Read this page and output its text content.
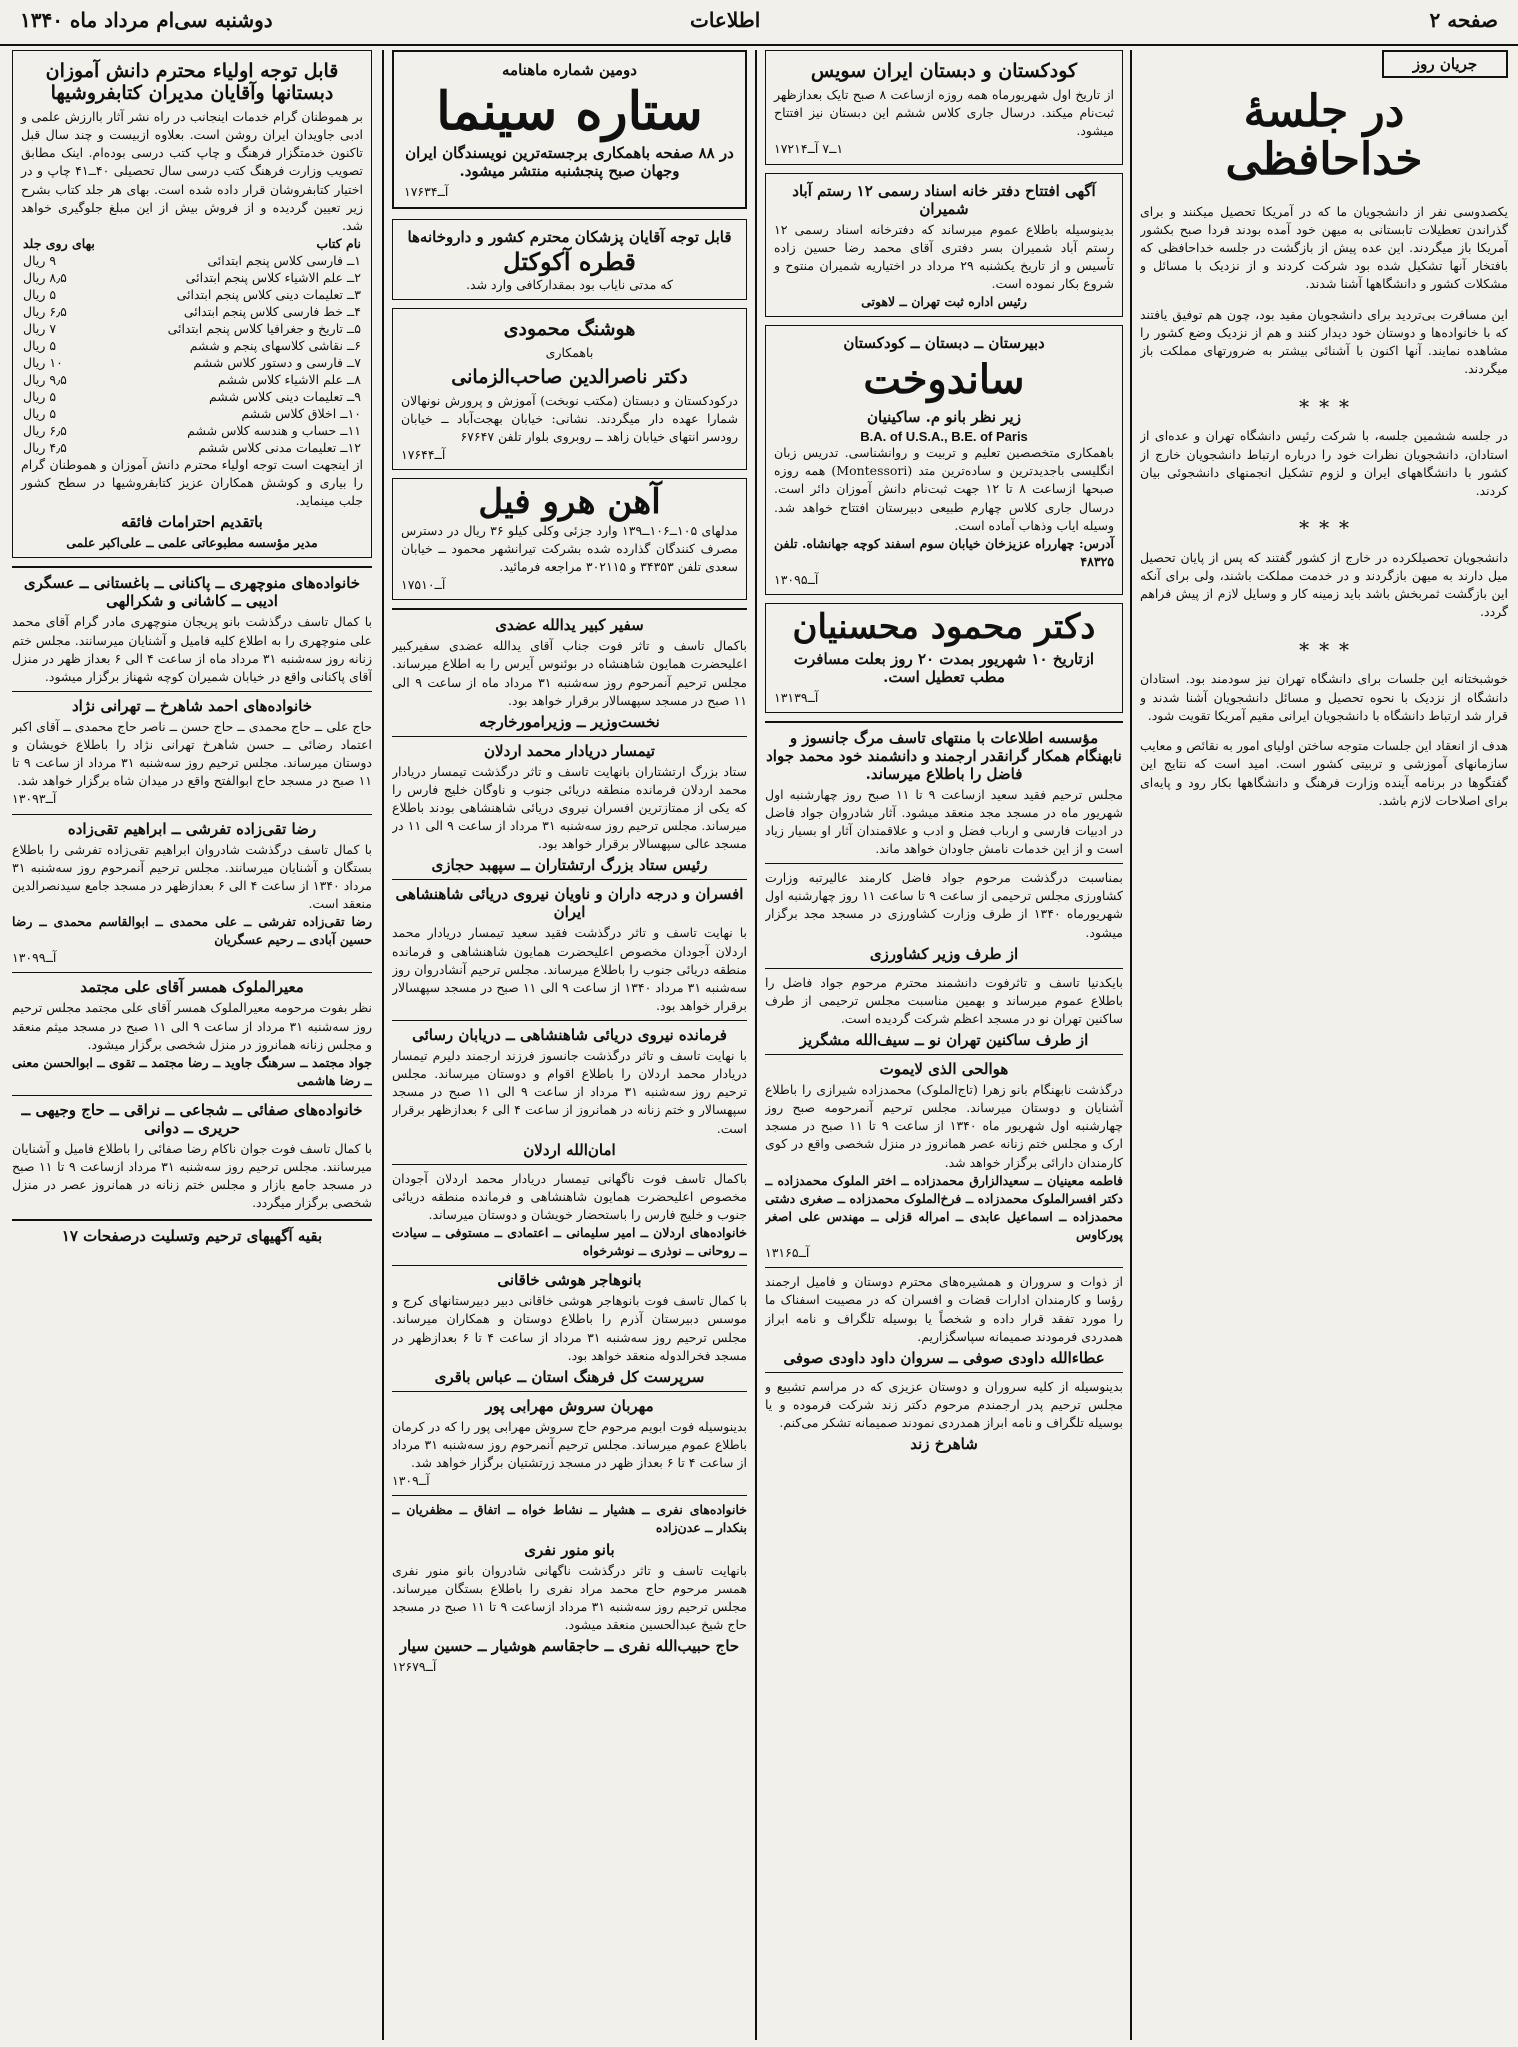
صفحه ۲
اطلاعات
دوشنبه سی‌ام مرداد ماه ۱۳۴۰
جریان روز
در جلسهٔ خداحافظی
یکصدوسی نفر از دانشجویان ما که در آمریکا تحصیل میکنند و برای گذراندن تعطیلات تابستانی به میهن خود آمده بودند فردا صبح بکشور آمریکا باز میگردند. این عده پیش از بازگشت در جلسه خداحافظی که بافتخار آنها تشکیل شده بود شرکت کردند و از نزدیک با مسائل و مشکلات کشور و دانشگاهها آشنا شدند.

این مسافرت بی‌تردید برای دانشجویان مفید بود، چون هم توفیق یافتند که با خانواده‌ها و دوستان خود دیدار کنند و هم از نزدیک وضع کشور را مشاهده نمایند. آنها اکنون با آشنائی بیشتر به ضرورتهای مملکت باز میگردند.

∗ ∗ ∗

در جلسه ششمین جلسه، با شرکت رئیس دانشگاه تهران و عده‌ای از استادان، دانشجویان نظرات خود را درباره ارتباط دانشجویان خارج از کشور با دانشگاههای ایران و لزوم تشکیل انجمنهای دانشجوئی بیان کردند.

∗ ∗ ∗

دانشجویان تحصیلکرده در خارج از کشور گفتند که پس از پایان تحصیل میل دارند به میهن بازگردند و در خدمت مملکت باشند، ولی برای آنکه این بازگشت ثمربخش باشد باید زمینه کار و وسایل لازم از پیش فراهم گردد.

∗ ∗ ∗

خوشبختانه این جلسات برای دانشگاه تهران نیز سودمند بود. استادان دانشگاه از نزدیک با نحوه تحصیل و مسائل دانشجویان آشنا شدند و قرار شد ارتباط دانشگاه با دانشجویان ایرانی مقیم آمریکا تقویت شود.

هدف از انعقاد این جلسات متوجه ساختن اولیای امور به نقائص و معایب سازمانهای آموزشی و تربیتی کشور است. امید است که نتایج این گفتگوها در برنامه آینده وزارت فرهنگ و دانشگاهها بکار رود و پایه‌ای برای اصلاحات لازم باشد.

کودکستان و دبستان ایران سویس
از تاریخ اول شهریورماه همه روزه ازساعت ۸ صبح تایک بعدازظهر ثبت‌نام میکند. درسال جاری کلاس ششم این دبستان نیز افتتاح میشود.
۱ــ۷ آــ۱۷۲۱۴
آگهی افتتاح دفتر خانه اسناد رسمی ۱۲ رستم آباد شمیران
بدینوسیله باطلاع عموم میرساند که دفترخانه اسناد رسمی ۱۲ رستم آباد شمیران بسر دفتری آقای محمد رضا حسین زاده تأسیس و از تاریخ یکشنبه ۲۹ مرداد در اختیاریه شمیران منتوح و شروع بکار نموده است.
رئیس اداره ثبت تهران ــ لاهوتی
دبیرستان ــ دبستان ــ کودکستان
ساندوخت
زیر نظر بانو م. ساکینیان
B.A. of U.S.A., B.E. of Paris
باهمکاری متخصصین تعلیم و تربیت و روانشناسی. تدریس زبان انگلیسی باجدیدترین و ساده‌ترین متد (Montessori) همه روزه صبحها ازساعت ۸ تا ۱۲ جهت ثبت‌نام دانش آموزان دائر است. درسال جاری کلاس چهارم طبیعی دبیرستان افتتاح خواهد شد. وسیله ایاب وذهاب آماده است.
آدرس: چهارراه عزیزخان خیابان سوم اسفند کوچه جهانشاه. تلفن ۴۸۳۲۵
آــ۱۳۰۹۵
دکتر محمود محسنیان
ازتاریخ ۱۰ شهریور بمدت ۲۰ روز بعلت مسافرت مطب تعطیل است.
آــ۱۳۱۳۹
مؤسسه اطلاعات با منتهای تاسف مرگ جانسوز و نابهنگام همکار گرانقدر ارجمند و دانشمند خود محمد جواد فاضل را باطلاع میرساند.
مجلس ترحیم فقید سعید ازساعت ۹ تا ۱۱ صبح روز چهارشنبه اول شهریور ماه در مسجد مجد منعقد میشود. آثار شادروان جواد فاضل در ادبیات فارسی و ارباب فضل و ادب و علاقمندان آثار او بسیار زیاد است و از این خدمات نامش جاودان خواهد ماند.
بمناسبت درگذشت مرحوم جواد فاضل کارمند عالیرتبه وزارت کشاورزی مجلس ترحیمی از ساعت ۹ تا ساعت ۱۱ روز چهارشنبه اول شهریورماه ۱۳۴۰ از طرف وزارت کشاورزی در مسجد مجد برگزار میشود.
از طرف وزیر کشاورزی
بایکدنیا تاسف و تاثرفوت دانشمند محترم مرحوم جواد فاضل را باطلاع عموم میرساند و بهمین مناسبت مجلس ترحیمی از طرف ساکنین تهران نو در مسجد اعظم شرکت گردیده است.
از طرف ساکنین تهران نو ــ سیف‌الله مشگریز
هوالحی الذی لایموت
درگذشت نابهنگام بانو زهرا (تاج‌الملوک) محمدزاده شیرازی را باطلاع آشنایان و دوستان میرساند. مجلس ترحیم آنمرحومه صبح روز چهارشنبه اول شهریور ماه ۱۳۴۰ از ساعت ۹ تا ۱۱ صبح در مسجد ارک و مجلس ختم زنانه عصر همانروز در منزل شخصی واقع در کوی کارمندان دارائی برگزار خواهد شد.
فاطمه معینیان ــ سعیدالزارق محمدزاده ــ اختر الملوک محمدزاده ــ دکتر افسرالملوک محمدزاده ــ فرخ‌الملوک محمدزاده ــ صغری دشتی محمدزاده ــ اسماعیل عابدی ــ امراله قزلی ــ مهندس علی اصغر پورکاوس
آــ۱۳۱۶۵
از ذوات و سروران و همشیره‌های محترم دوستان و فامیل ارجمند رؤسا و کارمندان ادارات قضات و افسران که در مصیبت اسفناک ما را مورد تفقد قرار داده و شخصاً یا بوسیله تلگراف و نامه ابراز همدردی فرمودند صمیمانه سپاسگزاریم.
عطاءالله داودی صوفی ــ سروان داود داودی صوفی
بدینوسیله از کلیه سروران و دوستان عزیزی که در مراسم تشییع و مجلس ترحیم پدر ارجمندم مرحوم دکتر زند شرکت فرموده و یا بوسیله تلگراف و نامه ابراز همدردی نمودند صمیمانه تشکر می‌کنم.
شاهرخ زند
دومین شماره ماهنامه
ستاره سینما
در ۸۸ صفحه باهمکاری برجسته‌ترین نویسندگان ایران وجهان صبح پنجشنبه منتشر میشود.
آــ۱۷۶۳۴
قابل توجه آقایان پزشکان محترم کشور و داروخانه‌ها
قطره آکوکتل
که مدتی نایاب بود بمقدارکافی وارد شد.
هوشنگ محمودی
باهمکاری
دکتر ناصرالدین صاحب‌الزمانی
درکودکستان و دبستان (مکتب نوبخت) آموزش و پرورش نونهالان شمارا عهده دار میگردند. نشانی: خیابان بهجت‌آباد ــ خیابان رودسر انتهای خیابان زاهد ــ روبروی بلوار تلفن ۶۷۶۴۷
آــ۱۷۶۴۴
آهن هرو فیل
مدلهای ۱۰۵ــ۱۰۶ــ۱۳۹ وارد جزئی وکلی کیلو ۳۶ ریال در دسترس مصرف کنندگان گذارده شده بشرکت تیرانشهر محمود ــ خیابان سعدی تلفن ۳۴۳۵۳ و ۳۰۲۱۱۵ مراجعه فرمائید.
آــ۱۷۵۱۰
سفیر کبیر یدالله عضدی
باکمال تاسف و تاثر فوت جناب آقای یدالله عضدی سفیرکبیر اعلیحضرت همایون شاهنشاه در بوئنوس آیرس را به اطلاع میرساند. مجلس ترحیم آنمرحوم روز سه‌شنبه ۳۱ مرداد ماه از ساعت ۹ الی ۱۱ صبح در مسجد سپهسالار برقرار خواهد بود.
نخست‌وزیر ــ وزیرامورخارجه
تیمسار دریادار محمد اردلان
ستاد بزرگ ارتشتاران بانهایت تاسف و تاثر درگذشت تیمسار دریادار محمد اردلان فرمانده منطقه دریائی جنوب و ناوگان خلیج فارس را که یکی از ممتازترین افسران نیروی دریائی شاهنشاهی بودند باطلاع میرساند. مجلس ترحیم روز سه‌شنبه ۳۱ مرداد از ساعت ۹ الی ۱۱ در مسجد عالی سپهسالار برقرار خواهد بود.
رئیس ستاد بزرگ ارتشتاران ــ سپهبد حجازی
افسران و درجه داران و ناویان نیروی دریائی شاهنشاهی ایران
با نهایت تاسف و تاثر درگذشت فقید سعید تیمسار دریادار محمد اردلان آجودان مخصوص اعلیحضرت همایون شاهنشاهی و فرمانده منطقه دریائی جنوب را باطلاع میرساند. مجلس ترحیم آنشادروان روز سه‌شنبه ۳۱ مرداد ۱۳۴۰ از ساعت ۹ الی ۱۱ صبح در مسجد سپهسالار برقرار خواهد بود.
فرمانده نیروی دریائی شاهنشاهی ــ دریابان رسائی
با نهایت تاسف و تاثر درگذشت جانسوز فرزند ارجمند دلیرم تیمسار دریادار محمد اردلان را باطلاع اقوام و دوستان میرساند. مجلس ترحیم روز سه‌شنبه ۳۱ مرداد از ساعت ۹ الی ۱۱ صبح در مسجد سپهسالار و ختم زنانه در همانروز از ساعت ۴ الی ۶ بعدازظهر برقرار است.
امان‌الله اردلان
باکمال تاسف فوت ناگهانی تیمسار دریادار محمد اردلان آجودان مخصوص اعلیحضرت همایون شاهنشاهی و فرمانده منطقه دریائی جنوب و خلیج فارس را باستحضار خویشان و دوستان میرساند.
خانواده‌های اردلان ــ امیر سلیمانی ــ اعتمادی ــ مستوفی ــ سیادت ــ روحانی ــ نوذری ــ نوشرخواه
بانوهاجر هوشی خاقانی
با کمال تاسف فوت بانوهاجر هوشی خاقانی دبیر دبیرستانهای کرج و موسس دبیرستان آذرم را باطلاع دوستان و همکاران میرساند. مجلس ترحیم روز سه‌شنبه ۳۱ مرداد از ساعت ۴ تا ۶ بعدازظهر در مسجد فخرالدوله منعقد خواهد بود.
سرپرست کل فرهنگ استان ــ عباس باقری
مهربان سروش مهرابی پور
بدینوسیله فوت ابویم مرحوم حاج سروش مهرابی پور را که در کرمان باطلاع عموم میرساند. مجلس ترحیم آنمرحوم روز سه‌شنبه ۳۱ مرداد از ساعت ۴ تا ۶ بعداز ظهر در مسجد زرتشتیان برگزار خواهد شد.
آــ۱۳۰۹
خانواده‌های نفری ــ هشیار ــ نشاط خواه ــ اتفاق ــ مظفریان ــ بنکدار ــ عدن‌زاده
بانو منور نفری
بانهایت تاسف و تاثر درگذشت ناگهانی شادروان بانو منور نفری همسر مرحوم حاج محمد مراد نفری را باطلاع بستگان میرساند. مجلس ترحیم روز سه‌شنبه ۳۱ مرداد ازساعت ۹ تا ۱۱ صبح در مسجد حاج شیخ عبدالحسین منعقد میشود.
حاج حبیب‌الله نفری ــ حاجقاسم هوشیار ــ حسین سیار
آــ۱۲۶۷۹
قابل توجه اولیاء محترم دانش آموزان دبستانها وآقایان مدیران کتابفروشیها
بر هموطنان گرام خدمات اینجانب در راه نشر آثار باارزش علمی و ادبی جاویدان ایران روشن است. بعلاوه ازبیست و چند سال قبل تاکنون خدمتگزار فرهنگ و چاپ کتب درسی بوده‌ام. اینک مطابق تصویب وزارت فرهنگ کتب درسی سال تحصیلی ۴۰ــ۴۱ چاپ و در اختیار کتابفروشان قرار داده شده است. بهای هر جلد کتاب بشرح زیر تعیین گردیده و از فروش بیش از این مبلغ جلوگیری خواهد شد.
نام کتاب	بهای روی جلد
۱ــ فارسی کلاس پنجم ابتدائی	۹ ریال
۲ــ علم الاشیاء کلاس پنجم ابتدائی	۸٫۵ ریال
۳ــ تعلیمات دینی کلاس پنجم ابتدائی	۵ ریال
۴ــ خط فارسی کلاس پنجم ابتدائی	۶٫۵ ریال
۵ــ تاریخ و جغرافیا کلاس پنجم ابتدائی	۷ ریال
۶ــ نقاشی کلاسهای پنجم و ششم	۵ ریال
۷ــ فارسی و دستور کلاس ششم	۱۰ ریال
۸ــ علم الاشیاء کلاس ششم	۹٫۵ ریال
۹ــ تعلیمات دینی کلاس ششم	۵ ریال
۱۰ــ اخلاق کلاس ششم	۵ ریال
۱۱ــ حساب و هندسه کلاس ششم	۶٫۵ ریال
۱۲ــ تعلیمات مدنی کلاس ششم	۴٫۵ ریال
از اینجهت است توجه اولیاء محترم دانش آموزان و هموطنان گرام را بیاری و کوشش همکاران عزیز کتابفروشیها در سطح کشور جلب مینماید.
باتقدیم احترامات فائقه
مدیر مؤسسه مطبوعاتی علمی ــ علی‌اکبر علمی
خانواده‌های منوچهری ــ پاکنانی ــ باغستانی ــ عسگری ادیبی ــ کاشانی و شکرالهی
با کمال تاسف درگذشت بانو پریجان منوچهری مادر گرام آقای محمد علی منوچهری را به اطلاع کلیه فامیل و آشنایان میرسانند. مجلس ختم زنانه روز سه‌شنبه ۳۱ مرداد ماه از ساعت ۴ الی ۶ بعداز ظهر در منزل آقای پاکنانی واقع در خیابان شمیران کوچه شهناز برگزار میشود.
خانواده‌های احمد شاهرخ ــ تهرانی نژاد
حاج علی ــ حاج محمدی ــ حاج حسن ــ ناصر حاج محمدی ــ آقای اکبر اعتماد رضائی ــ حسن شاهرخ تهرانی نژاد را باطلاع خویشان و دوستان میرساند. مجلس ترحیم روز سه‌شنبه ۳۱ مرداد از ساعت ۹ تا ۱۱ صبح در مسجد حاج ابوالفتح واقع در میدان شاه برگزار خواهد شد.
آــ۱۳۰۹۳
رضا تقی‌زاده تفرشی ــ ابراهیم تقی‌زاده
با کمال تاسف درگذشت شادروان ابراهیم تقی‌زاده تفرشی را باطلاع بستگان و آشنایان میرسانند. مجلس ترحیم آنمرحوم روز سه‌شنبه ۳۱ مرداد ۱۳۴۰ از ساعت ۴ الی ۶ بعدازظهر در مسجد جامع سیدنصرالدین منعقد است.
رضا تقی‌زاده تفرشی ــ علی محمدی ــ ابوالقاسم محمدی ــ رضا حسین آبادی ــ رحیم عسگریان
آــ۱۳۰۹۹
معیرالملوک همسر آقای علی مجتمد
نظر بفوت مرحومه معیرالملوک همسر آقای علی مجتمد مجلس ترحیم روز سه‌شنبه ۳۱ مرداد از ساعت ۹ الی ۱۱ صبح در مسجد میثم منعقد و مجلس زنانه همانروز در منزل شخصی برگزار میشود.
جواد مجتمد ــ سرهنگ جاوید ــ رضا مجتمد ــ تقوی ــ ابوالحسن معنی ــ رضا هاشمی
خانواده‌های صفائی ــ شجاعی ــ نراقی ــ حاج وجیهی ــ حریری ــ دوانی
با کمال تاسف فوت جوان ناکام رضا صفائی را باطلاع فامیل و آشنایان میرسانند. مجلس ترحیم روز سه‌شنبه ۳۱ مرداد ازساعت ۹ تا ۱۱ صبح در مسجد جامع بازار و مجلس ختم زنانه در همانروز عصر در منزل شخصی برگزار میگردد.
بقیه آگهیهای ترحیم وتسلیت درصفحات ۱۷
